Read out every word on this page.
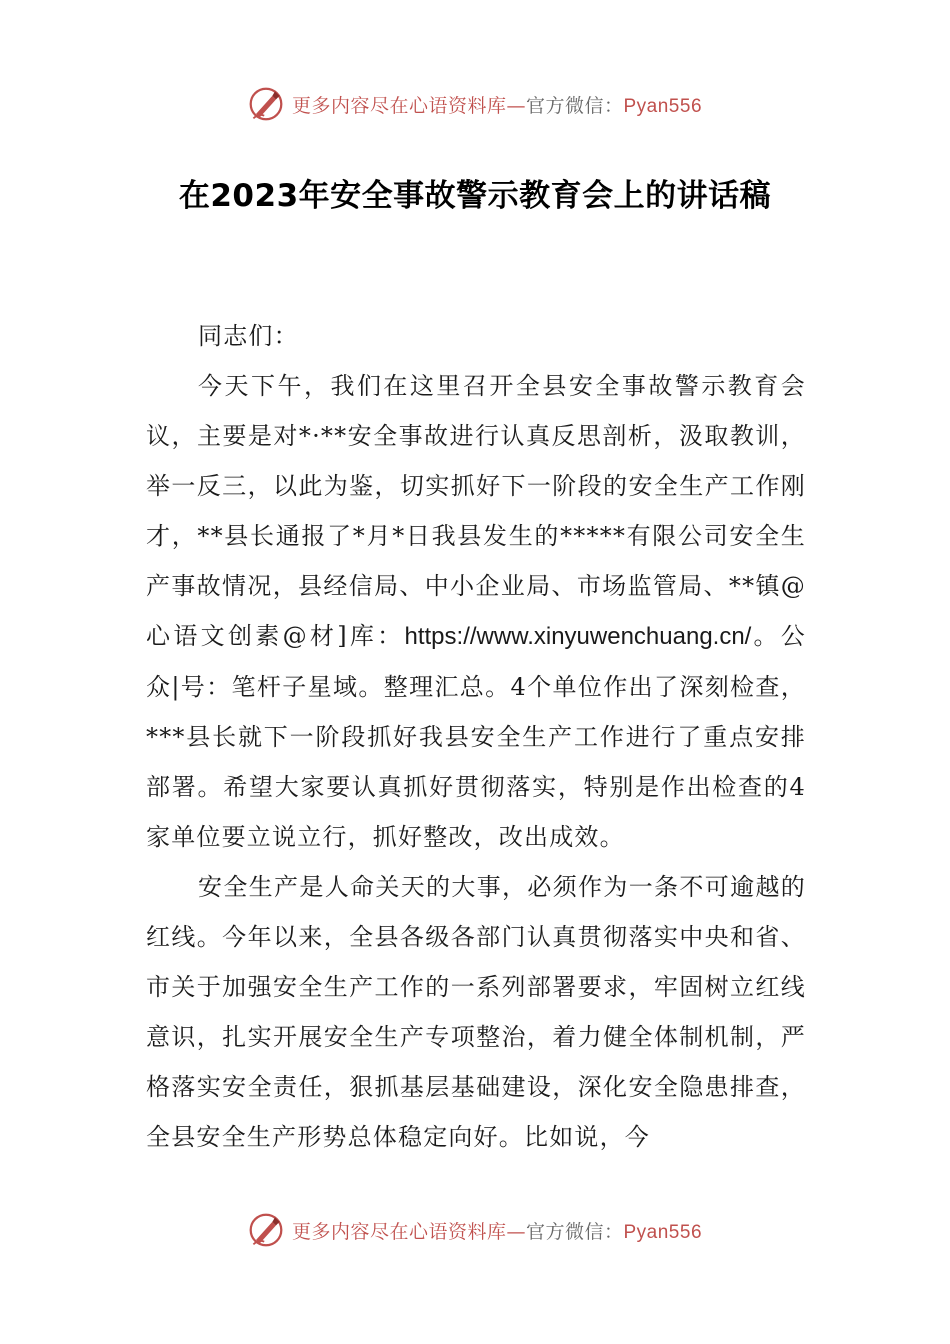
更多内容尽在心语资料库—官方微信：Pyan556
在2023年安全事故警示教育会上的讲话稿

同志们：

今天下午，我们在这里召开全县安全事故警示教育会议，主要是对*·**安全事故进行认真反思剖析，汲取教训，举一反三，以此为鉴，切实抓好下一阶段的安全生产工作刚才，**县长通报了*月*日我县发生的*****有限公司安全生产事故情况，县经信局、中小企业局、市场监管局、**镇@心语文创素@材]库：https://www.xinyuwenchuang.cn/。公众|号：笔杆子星域。整理汇总。4个单位作出了深刻检查，***县长就下一阶段抓好我县安全生产工作进行了重点安排部署。希望大家要认真抓好贯彻落实，特别是作出检查的4家单位要立说立行，抓好整改，改出成效。

安全生产是人命关天的大事，必须作为一条不可逾越的红线。今年以来，全县各级各部门认真贯彻落实中央和省、市关于加强安全生产工作的一系列部署要求，牢固树立红线意识，扎实开展安全生产专项整治，着力健全体制机制，严格落实安全责任，狠抓基层基础建设，深化安全隐患排查，全县安全生产形势总体稳定向好。比如说，今

更多内容尽在心语资料库—官方微信：Pyan556
